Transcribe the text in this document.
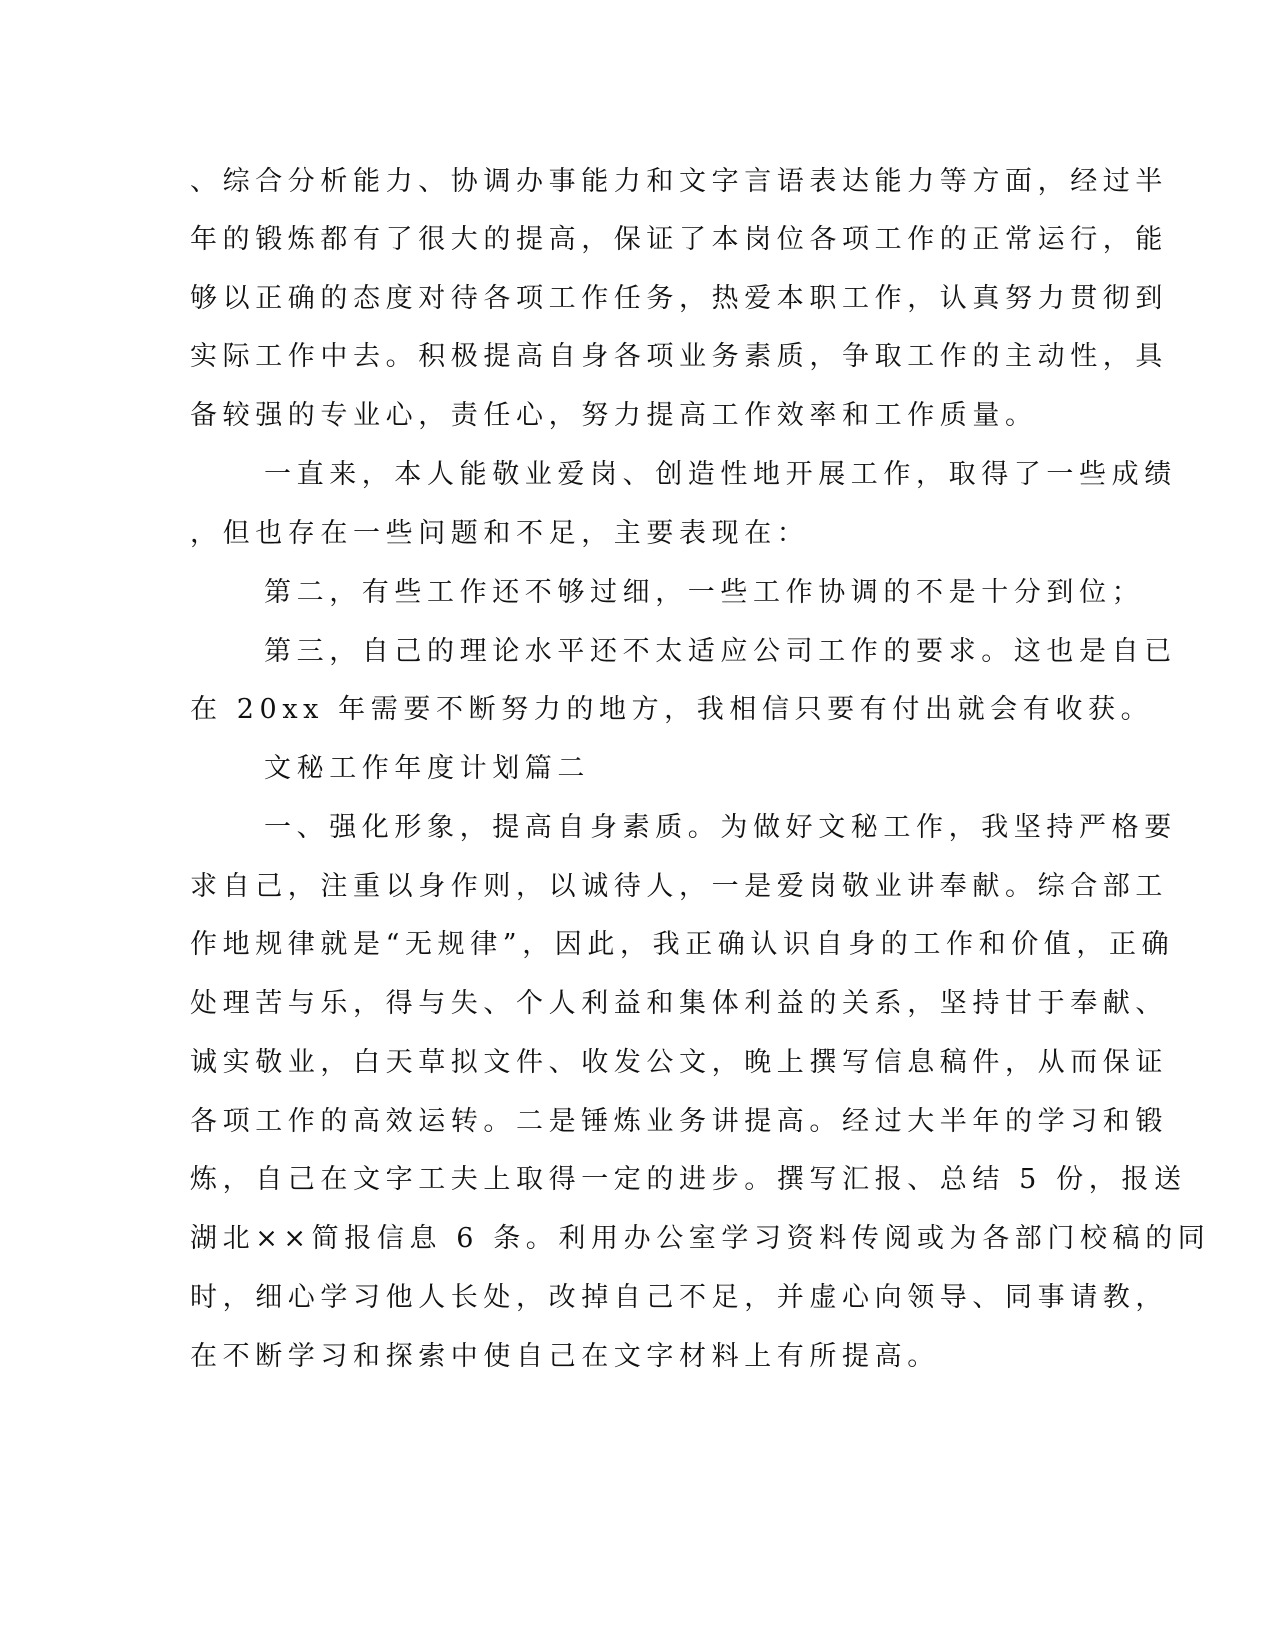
、综合分析能力、协调办事能力和文字言语表达能力等方面，经过半
年的锻炼都有了很大的提高，保证了本岗位各项工作的正常运行，能
够以正确的态度对待各项工作任务，热爱本职工作，认真努力贯彻到
实际工作中去。积极提高自身各项业务素质，争取工作的主动性，具
备较强的专业心，责任心，努力提高工作效率和工作质量。
一直来，本人能敬业爱岗、创造性地开展工作，取得了一些成绩
，但也存在一些问题和不足，主要表现在：
第二，有些工作还不够过细，一些工作协调的不是十分到位；
第三，自己的理论水平还不太适应公司工作的要求。这也是自已
在 20xx 年需要不断努力的地方，我相信只要有付出就会有收获。
文秘工作年度计划篇二
一、强化形象，提高自身素质。为做好文秘工作，我坚持严格要
求自己，注重以身作则，以诚待人，一是爱岗敬业讲奉献。综合部工
作地规律就是“无规律”，因此，我正确认识自身的工作和价值，正确
处理苦与乐，得与失、个人利益和集体利益的关系，坚持甘于奉献、
诚实敬业，白天草拟文件、收发公文，晚上撰写信息稿件，从而保证
各项工作的高效运转。二是锤炼业务讲提高。经过大半年的学习和锻
炼，自己在文字工夫上取得一定的进步。撰写汇报、总结 5 份，报送
湖北××简报信息 6 条。利用办公室学习资料传阅或为各部门校稿的同
时，细心学习他人长处，改掉自己不足，并虚心向领导、同事请教，
在不断学习和探索中使自己在文字材料上有所提高。
